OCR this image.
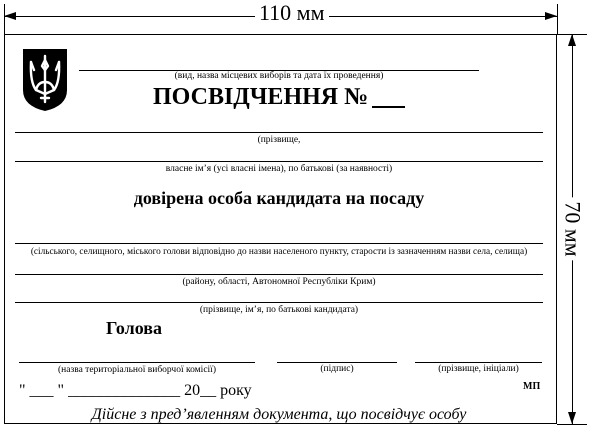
110 мм
70 мм
(вид, назва місцевих виборів та дата їх проведення)
ПОСВІДЧЕННЯ №
(прізвище,
власне ім’я (усі власні імена), по батькові (за наявності)
довірена особа кандидата на посаду
(сільського, селищного, міського голови відповідно до назви населеного пункту, старости із зазначенням назви села, селища)
(району, області, Автономної Республіки Крим)
(прізвище, ім’я, по батькові кандидата)
Голова
(назва територіальної виборчої комісії)	(підпис)	(прізвище, ініціали)
" ___ " ______________ 20__ року	МП
Дійсне з пред’явленням документа, що посвідчує особу
